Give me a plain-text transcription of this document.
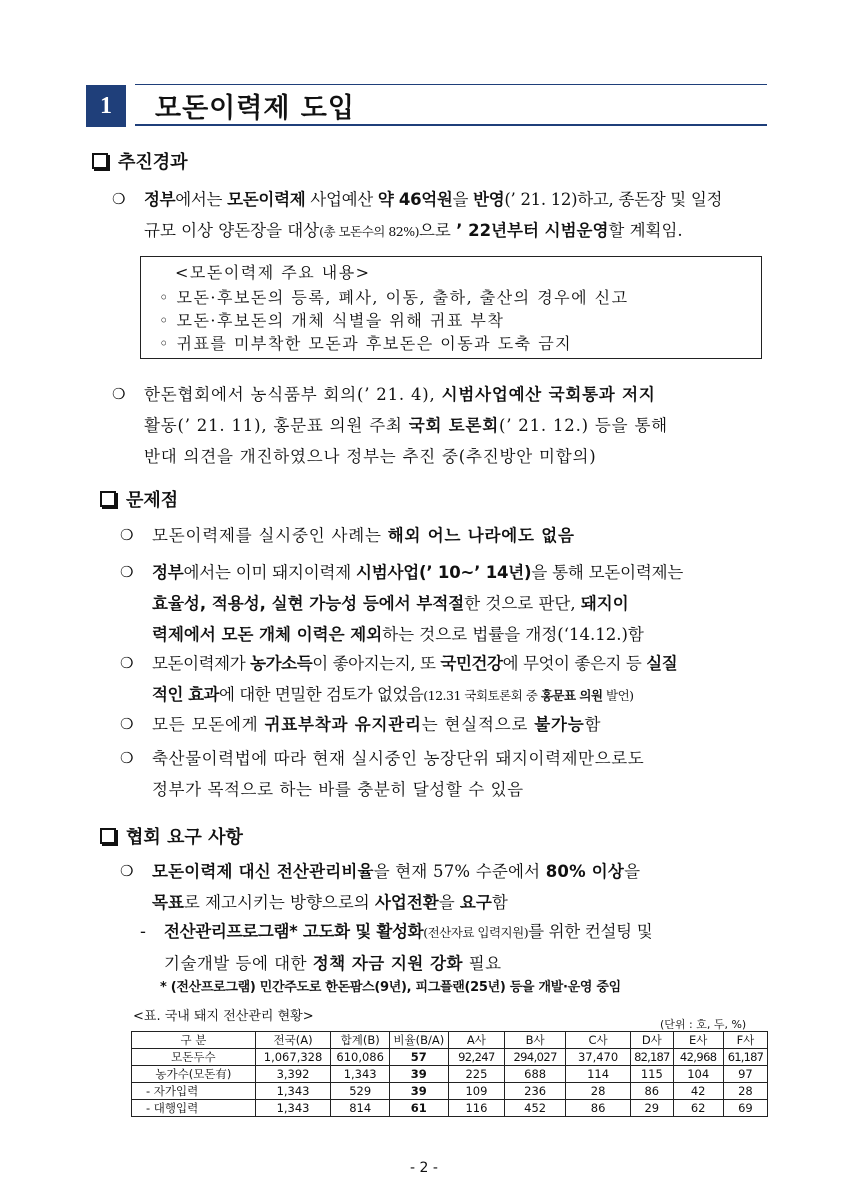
1	모돈이력제 도입
추진경과
❍ 정부에서는 모돈이력제 사업예산 약 46억원을 반영(’ 21. 12)하고, 종돈장 및 일정
규모 이상 양돈장을 대상(총 모돈수의 82%)으로 ’ 22년부터 시범운영할 계획임.
<모돈이력제 주요 내용>
◦ 모돈·후보돈의 등록, 폐사, 이동, 출하, 출산의 경우에 신고
◦ 모돈·후보돈의 개체 식별을 위해 귀표 부착
◦ 귀표를 미부착한 모돈과 후보돈은 이동과 도축 금지
❍ 한돈협회에서 농식품부 회의(’ 21. 4), 시범사업예산 국회통과 저지
활동(’ 21. 11), 홍문표 의원 주최 국회 토론회(’ 21. 12.) 등을 통해
반대 의견을 개진하였으나 정부는 추진 중(추진방안 미합의)
문제점
❍ 모돈이력제를 실시중인 사례는 해외 어느 나라에도 없음
❍ 정부에서는 이미 돼지이력제 시범사업(’ 10~’ 14년)을 통해 모돈이력제는
효율성, 적용성, 실현 가능성 등에서 부적절한 것으로 판단, 돼지이
력제에서 모돈 개체 이력은 제외하는 것으로 법률을 개정(‘14.12.)함
❍ 모돈이력제가 농가소득이 좋아지는지, 또 국민건강에 무엇이 좋은지 등 실질
적인 효과에 대한 면밀한 검토가 없었음(12.31 국회토론회 중 홍문표 의원 발언)
❍ 모든 모돈에게 귀표부착과 유지관리는 현실적으로 불가능함
❍ 축산물이력법에 따라 현재 실시중인 농장단위 돼지이력제만으로도
정부가 목적으로 하는 바를 충분히 달성할 수 있음
협회 요구 사항
❍ 모돈이력제 대신 전산관리비율을 현재 57% 수준에서 80% 이상을
목표로 제고시키는 방향으로의 사업전환을 요구함
- 전산관리프로그램* 고도화 및 활성화(전산자료 입력지원)를 위한 컨설팅 및
기술개발 등에 대한 정책 자금 지원 강화 필요
* (전산프로그램) 민간주도로 한돈팜스(9년), 피그플랜(25년) 등을 개발·운영 중임
<표. 국내 돼지 전산관리 현황>
(단위 : 호, 두, %)
구 분	전국(A)	합계(B)	비율(B/A)	A사	B사	C사	D사	E사	F사
모돈두수	1,067,328	610,086	57	92,247	294,027	37,470	82,187	42,968	61,187
농가수(모돈有)	3,392	1,343	39	225	688	114	115	104	97
- 자가입력	1,343	529	39	109	236	28	86	42	28
- 대행입력	1,343	814	61	116	452	86	29	62	69
- 2 -
